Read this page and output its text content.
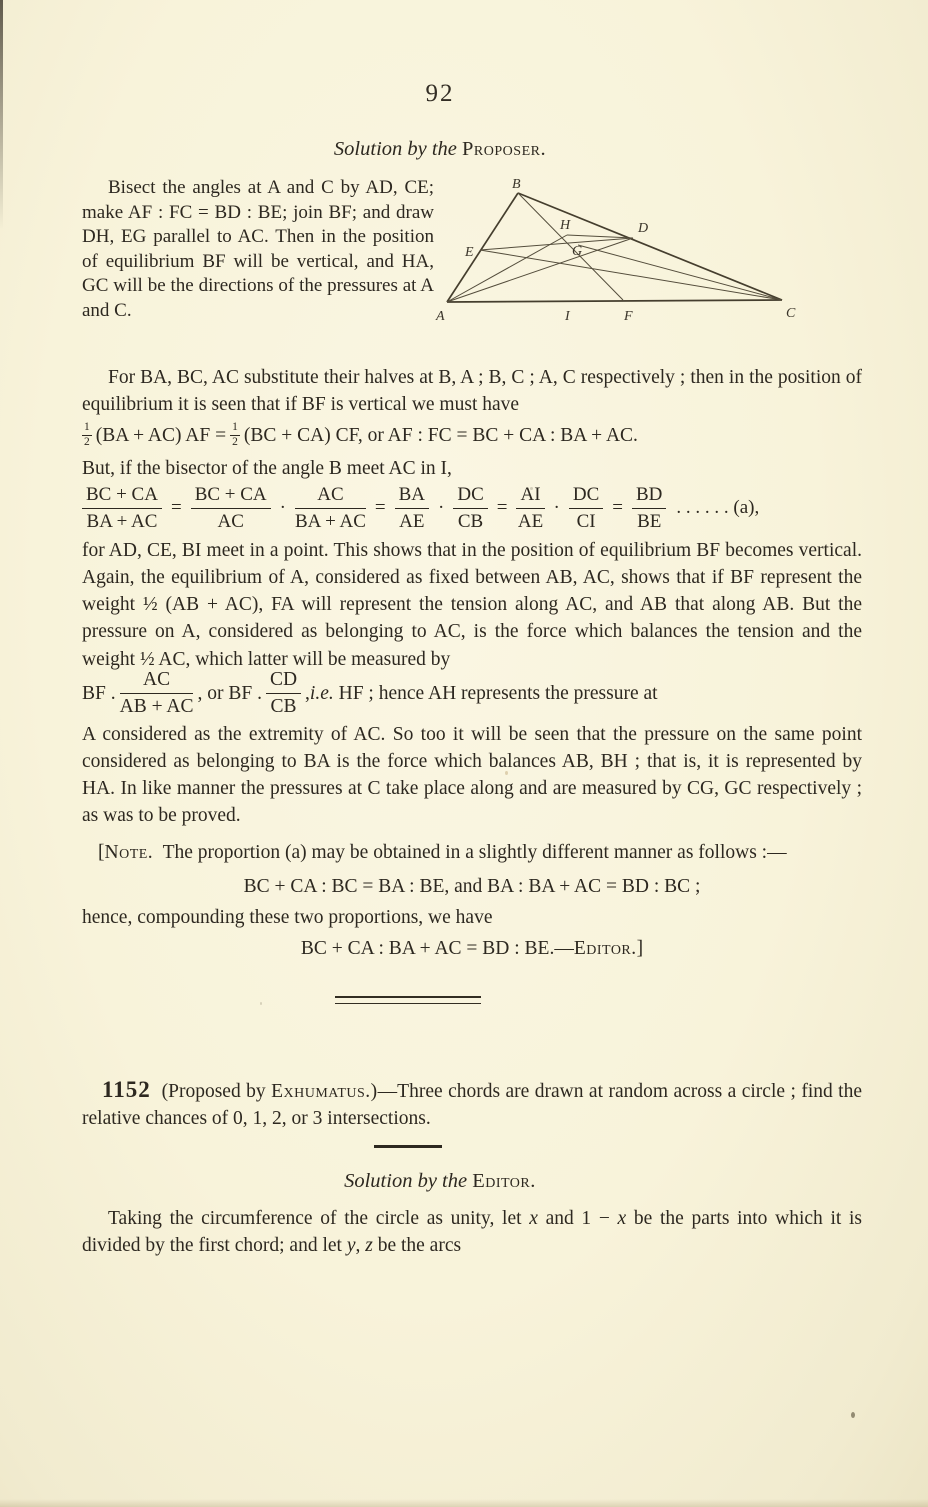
92
Solution by the Proposer.

Bisect the angles at A and C by AD, CE; make AF : FC = BD : BE; join BF; and draw DH, EG parallel to AC. Then in the position of equilibrium BF will be vertical, and HA, GC will be the directions of the pressures at A and C.

B
E
H
G
D
A	I	F	C

For BA, BC, AC substitute their halves at B, A ; B, C ; A, C respectively ; then in the position of equilibrium it is seen that if BF is vertical we must have

$\frac{1}{2} (BA + AC)$ AF = $\frac{1}{2} (BC + CA)$ CF, or AF : FC = BC + CA : BA + AC.

But, if the bisector of the angle B meet AC in I,

$\frac{BC + CA}{BA + AC} = \frac{BC + CA}{AC} \cdot \frac{AC}{BA + AC} = \frac{BA}{AE} \cdot \frac{DC}{CB} = \frac{AI}{AE} \cdot \frac{DC}{CI} = \frac{BD}{BE}$ . . . . . . (a),

for AD, CE, BI meet in a point. This shows that in the position of equilibrium BF becomes vertical. Again, the equilibrium of A, considered as fixed between AB, AC, shows that if BF represent the weight ½ (AB + AC), FA will represent the tension along AC, and AB that along AB. But the pressure on A, considered as belonging to AC, is the force which balances the tension and the weight ½ AC, which latter will be measured by

BF . $\frac{AC}{AB + AC}$ , or BF . $\frac{CD}{CB}$ , i.e. HF ; hence AH represents the pressure at

A considered as the extremity of AC. So too it will be seen that the pressure on the same point considered as belonging to BA is the force which balances AB, BH ; that is, it is represented by HA. In like manner the pressures at C take place along and are measured by CG, GC respectively ; as was to be proved.

[Note.  The proportion (a) may be obtained in a slightly different manner as follows :—

BC + CA : BC = BA : BE, and BA : BA + AC = BD : BC ;

hence, compounding these two proportions, we have

BC + CA : BA + AC = BD : BE.—Editor.]

1152  (Proposed by Exhumatus.)—Three chords are drawn at random across a circle ; find the relative chances of 0, 1, 2, or 3 intersections.

Solution by the Editor.

Taking the circumference of the circle as unity, let x and 1 − x be the parts into which it is divided by the first chord; and let y, z be the arcs
